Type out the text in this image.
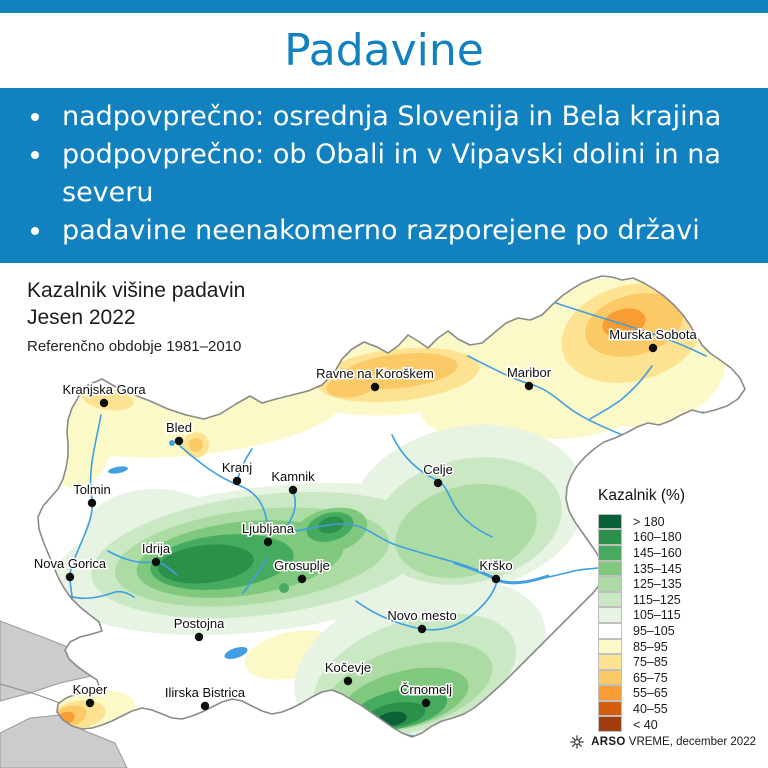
Padavine
• nadpovprečno: osrednja Slovenija in Bela krajina
• podpovprečno: ob Obali in v Vipavski dolini in na severu
• padavine neenakomerno razporejene po državi
Kranjska Gora
Bled
Kranj
Kamnik
Tolmin
Ravne na Koroškem	Maribor
Murska Sobota
Celje
Nova Gorica
Idrija
Ljubljana
Grosuplje
Postojna
Koper	Ilirska Bistrica
Kočevje
Novo mesto
Krško
Črnomelj
Kazalnik višine padavin
Jesen 2022
Referenčno obdobje 1981–2010
Kazalnik (%)
> 180
160–180
145–160
135–145
125–135
115–125
105–115
95–105
85–95
75–85
65–75
55–65
40–55
< 40
ARSO VREME, december 2022
